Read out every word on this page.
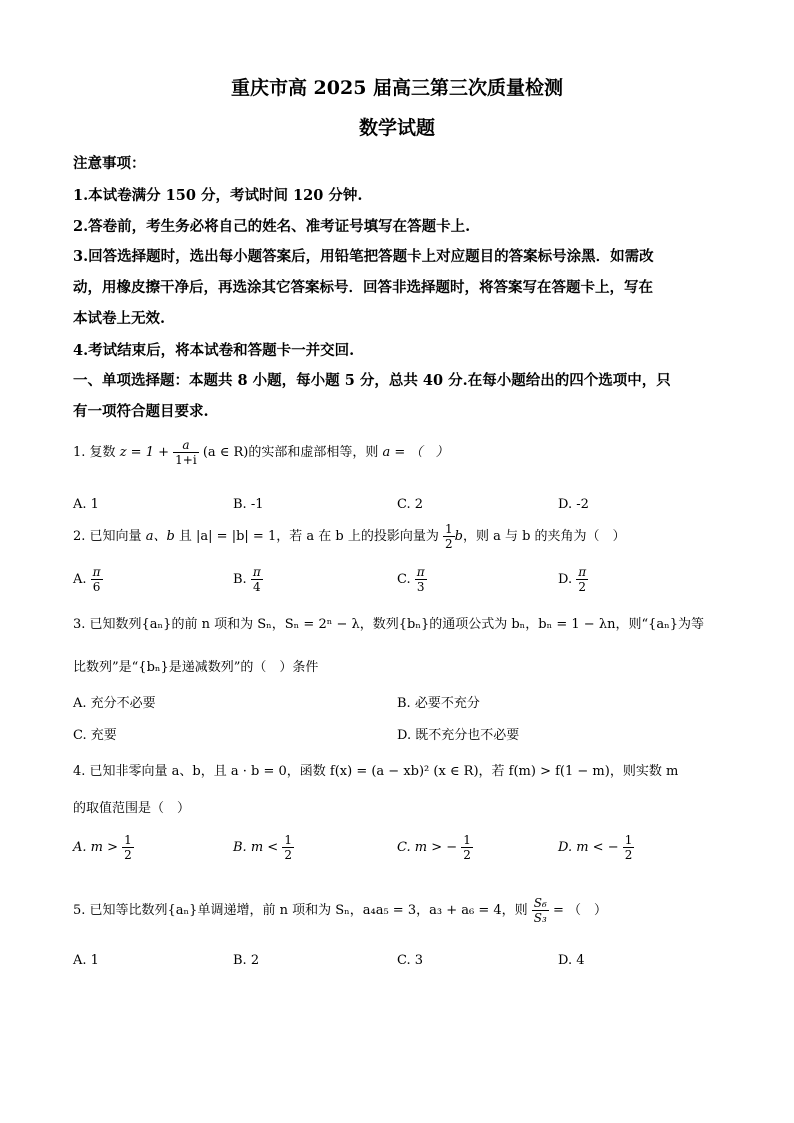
重庆市高 2025 届高三第三次质量检测
数学试题
注意事项：
1.本试卷满分 150 分，考试时间 120 分钟.
2.答卷前，考生务必将自己的姓名、准考证号填写在答题卡上.
3.回答选择题时，选出每小题答案后，用铅笔把答题卡上对应题目的答案标号涂黑．如需改
动，用橡皮擦干净后，再选涂其它答案标号．回答非选择题时，将答案写在答题卡上，写在
本试卷上无效.
4.考试结束后，将本试卷和答题卡一并交回.
一、单项选择题：本题共 8 小题，每小题 5 分，总共 40 分.在每小题给出的四个选项中，只
有一项符合题目要求.
1. 复数 $z = 1 + \frac{a}{1+i} (a$ ∈ R)的实部和虚部相等，则 a = （　）
A. 1	B. -1	C. 2	D. -2
2. 已知向量 a、b 且 |a| = |b| = 1，若 a 在 b 上的投影向量为 $\frac{1}{2}$ b，则 a 与 b 的夹角为（　）
A. $\frac{\pi}{6}$	B. $\frac{\pi}{4}$	C. $\frac{\pi}{3}$	D. $\frac{\pi}{2}$
3. 已知数列{aₙ}的前 n 项和为 Sₙ，Sₙ = 2ⁿ − λ，数列{bₙ}的通项公式为 bₙ，bₙ = 1 − λn，则“{aₙ}为等
比数列”是“{bₙ}是递减数列”的（　）条件
A. 充分不必要	B. 必要不充分
C. 充要	D. 既不充分也不必要
4. 已知非零向量 a、b，且 a · b = 0，函数 f(x) = (a − xb)² (x ∈ R)，若 f(m) > f(1 − m)，则实数 m
的取值范围是（　）
A. $m > \frac{1}{2}$	B. $m < \frac{1}{2}$	C. m > − $\frac{1}{2}$	D. m < − $\frac{1}{2}$
5. 已知等比数列{aₙ}单调递增，前 n 项和为 Sₙ，a₄a₅ = 3，a₃ + a₆ = 4，则 $\frac{\text{S₆}}{\text{S₃}}$ = （　）
A. 1	B. 2	C. 3	D. 4
